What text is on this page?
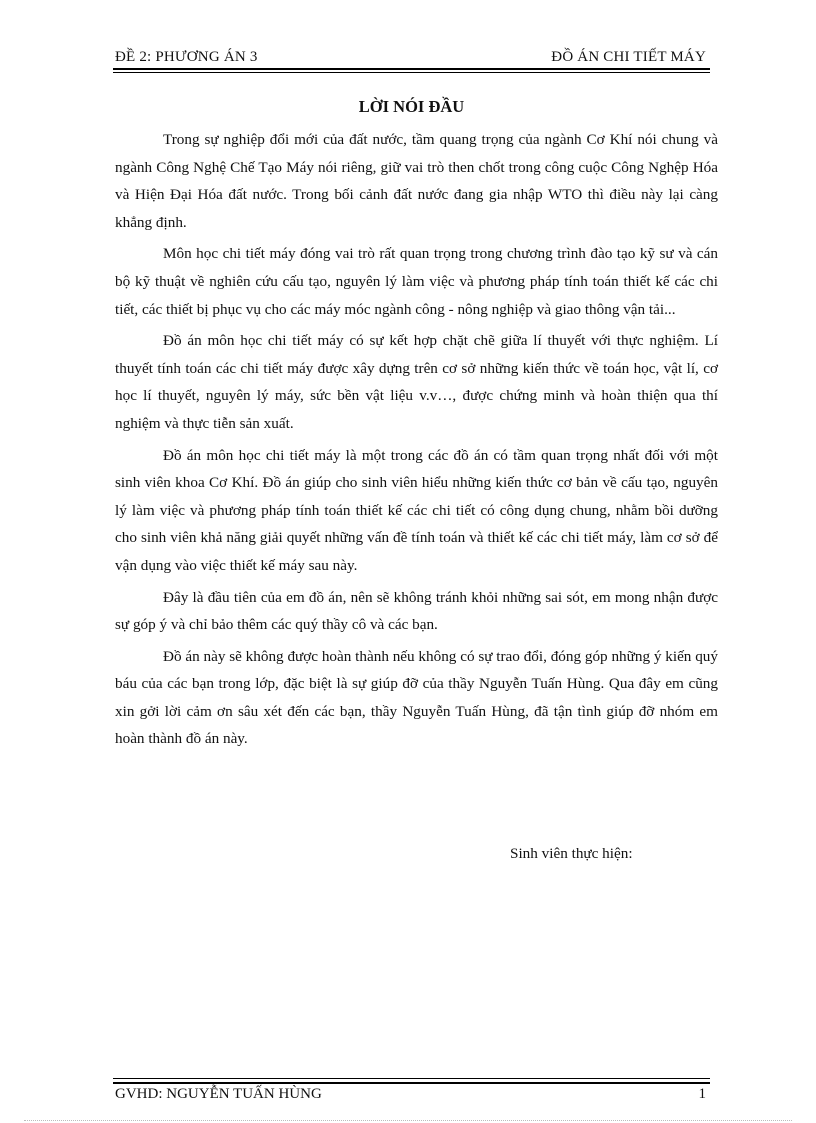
ĐỀ 2: PHƯƠNG ÁN 3	ĐỒ ÁN CHI TIẾT MÁY
LỜI NÓI ĐẦU

Trong sự nghiệp đổi mới của đất nước, tầm quang trọng của ngành Cơ Khí nói chung và ngành Công Nghệ Chế Tạo Máy nói riêng, giữ vai trò then chốt trong công cuộc Công Nghệp Hóa và Hiện Đại Hóa đất nước. Trong bối cảnh đất nước đang gia nhập WTO thì điều này lại càng khẳng định.

Môn học chi tiết máy đóng vai trò rất quan trọng trong chương trình đào tạo kỹ sư và cán bộ kỹ thuật về nghiên cứu cấu tạo, nguyên lý làm việc và phương pháp tính toán thiết kế các chi tiết, các thiết bị phục vụ cho các máy móc ngành công - nông nghiệp và giao thông vận tải...

Đồ án môn học chi tiết máy có sự kết hợp chặt chẽ giữa lí thuyết với thực nghiệm. Lí thuyết tính toán các chi tiết máy được xây dựng trên cơ sở những kiến thức về toán học, vật lí, cơ học lí thuyết, nguyên lý máy, sức bền vật liệu v.v…, được chứng minh và hoàn thiện qua thí nghiệm và thực tiễn sản xuất.

Đồ án môn học chi tiết máy là một trong các đồ án có tầm quan trọng nhất đối với một sinh viên khoa Cơ Khí. Đồ án giúp cho sinh viên hiểu những kiến thức cơ bản về cấu tạo, nguyên lý làm việc và phương pháp tính toán thiết kế các chi tiết có công dụng chung, nhằm bồi dưỡng cho sinh viên khả năng giải quyết những vấn đề tính toán và thiết kế các chi tiết máy, làm cơ sở để vận dụng vào việc thiết kế máy sau này.

Đây là đầu tiên của em đồ án, nên sẽ không tránh khỏi những sai sót, em mong nhận được sự góp ý và chỉ bảo thêm các quý thầy cô và các bạn.

Đồ án này sẽ không được hoàn thành nếu không có sự trao đổi, đóng góp những ý kiến quý báu của các bạn trong lớp, đặc biệt là sự giúp đỡ của thầy Nguyễn Tuấn Hùng. Qua đây em cũng xin gởi lời cảm ơn sâu xét đến các bạn, thầy Nguyễn Tuấn Hùng, đã tận tình giúp đỡ nhóm em hoàn thành đồ án này.

Sinh viên thực hiện:
GVHD: NGUYỄN TUẤN HÙNG	1
